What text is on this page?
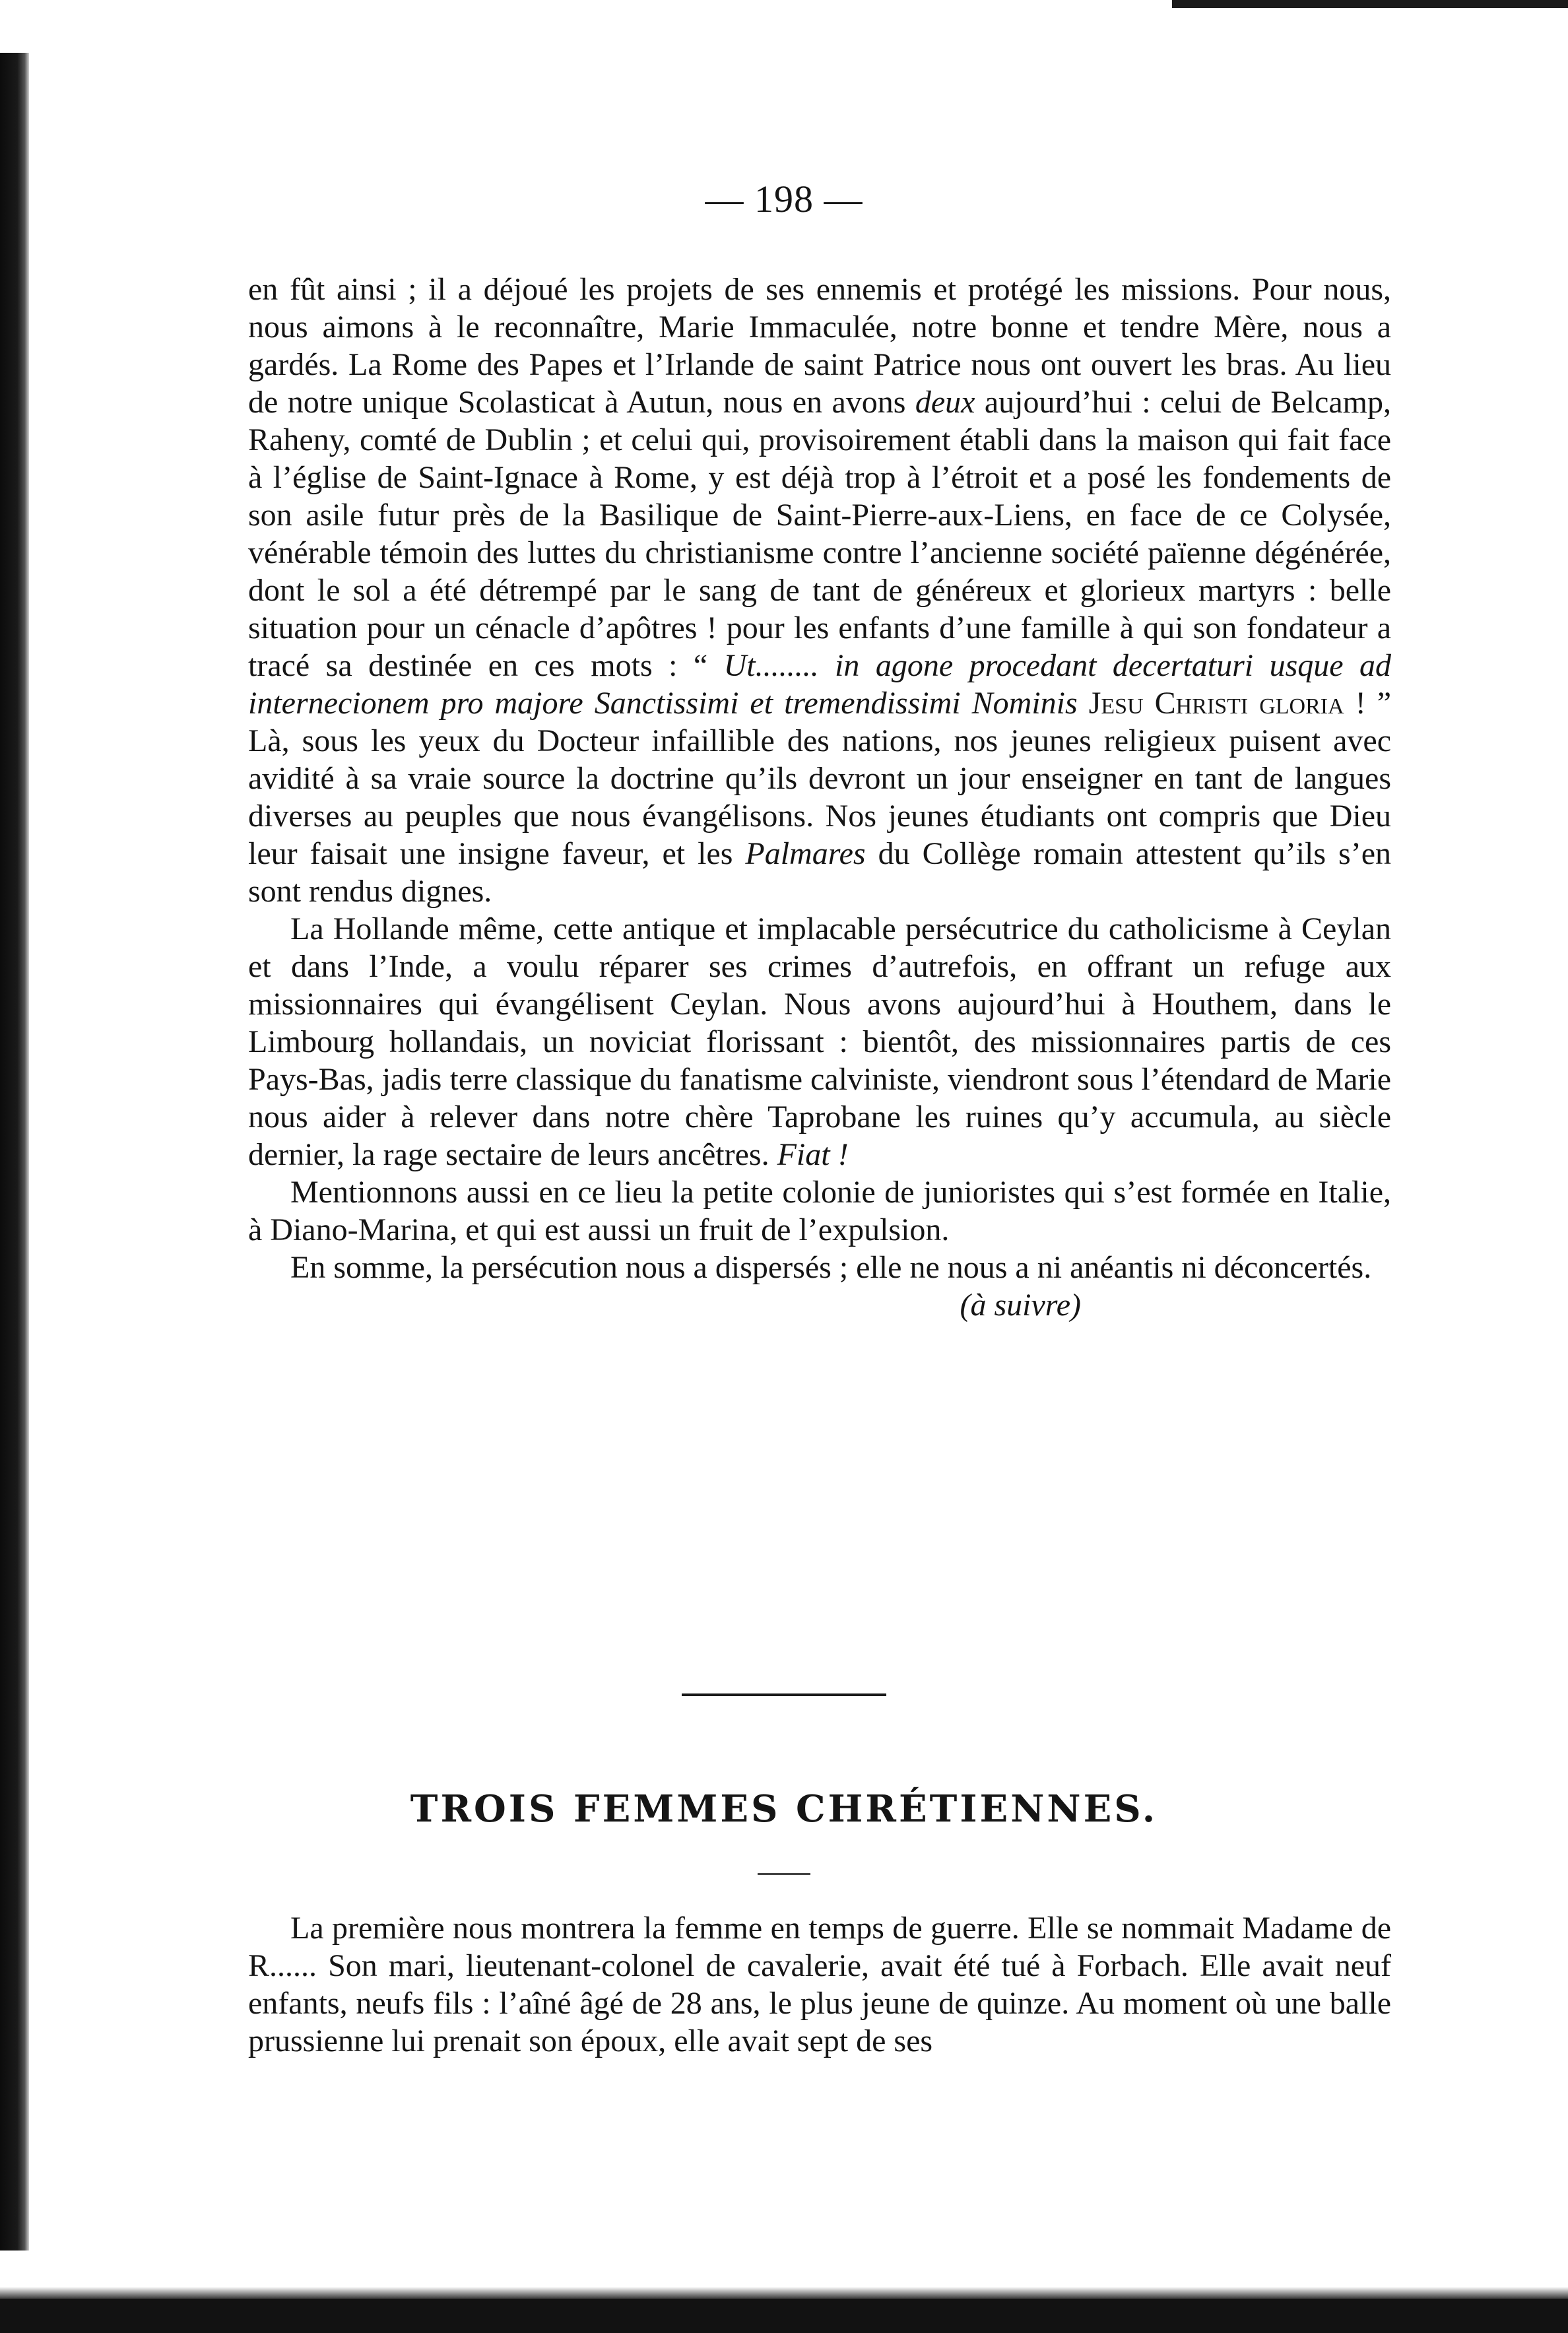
— 198 —

en fût ainsi ; il a déjoué les projets de ses ennemis et protégé les missions. Pour nous, nous aimons à le reconnaître, Marie Immaculée, notre bonne et tendre Mère, nous a gardés. La Rome des Papes et l’Irlande de saint Patrice nous ont ouvert les bras. Au lieu de notre unique Scolasticat à Autun, nous en avons deux aujourd’hui : celui de Belcamp, Raheny, comté de Dublin ; et celui qui, provisoirement établi dans la maison qui fait face à l’église de Saint-Ignace à Rome, y est déjà trop à l’étroit et a posé les fondements de son asile futur près de la Basilique de Saint-Pierre-aux-Liens, en face de ce Colysée, vénérable témoin des luttes du christianisme contre l’ancienne société païenne dégénérée, dont le sol a été détrempé par le sang de tant de généreux et glorieux martyrs : belle situation pour un cénacle d’apôtres ! pour les enfants d’une famille à qui son fondateur a tracé sa destinée en ces mots : “ Ut........ in agone procedant decertaturi usque ad internecionem pro majore Sanctissimi et tremendissimi Nominis Jesu Christi gloria ! ” Là, sous les yeux du Docteur infaillible des nations, nos jeunes religieux puisent avec avidité à sa vraie source la doctrine qu’ils devront un jour enseigner en tant de langues diverses au peuples que nous évangélisons. Nos jeunes étudiants ont compris que Dieu leur faisait une insigne faveur, et les Palmares du Collège romain attestent qu’ils s’en sont rendus dignes.

La Hollande même, cette antique et implacable persécutrice du catholicisme à Ceylan et dans l’Inde, a voulu réparer ses crimes d’autrefois, en offrant un refuge aux missionnaires qui évangélisent Ceylan. Nous avons aujourd’hui à Houthem, dans le Limbourg hollandais, un noviciat florissant : bientôt, des missionnaires partis de ces Pays-Bas, jadis terre classique du fanatisme calviniste, viendront sous l’étendard de Marie nous aider à relever dans notre chère Taprobane les ruines qu’y accumula, au siècle dernier, la rage sectaire de leurs ancêtres. Fiat !

Mentionnons aussi en ce lieu la petite colonie de junioristes qui s’est formée en Italie, à Diano-Marina, et qui est aussi un fruit de l’expulsion.

En somme, la persécution nous a dispersés ; elle ne nous a ni anéantis ni déconcertés.

(à suivre)

TROIS FEMMES CHRÉTIENNES.

La première nous montrera la femme en temps de guerre. Elle se nommait Madame de R...... Son mari, lieutenant-colonel de cavalerie, avait été tué à Forbach. Elle avait neuf enfants, neufs fils : l’aîné âgé de 28 ans, le plus jeune de quinze. Au moment où une balle prussienne lui prenait son époux, elle avait sept de ses
